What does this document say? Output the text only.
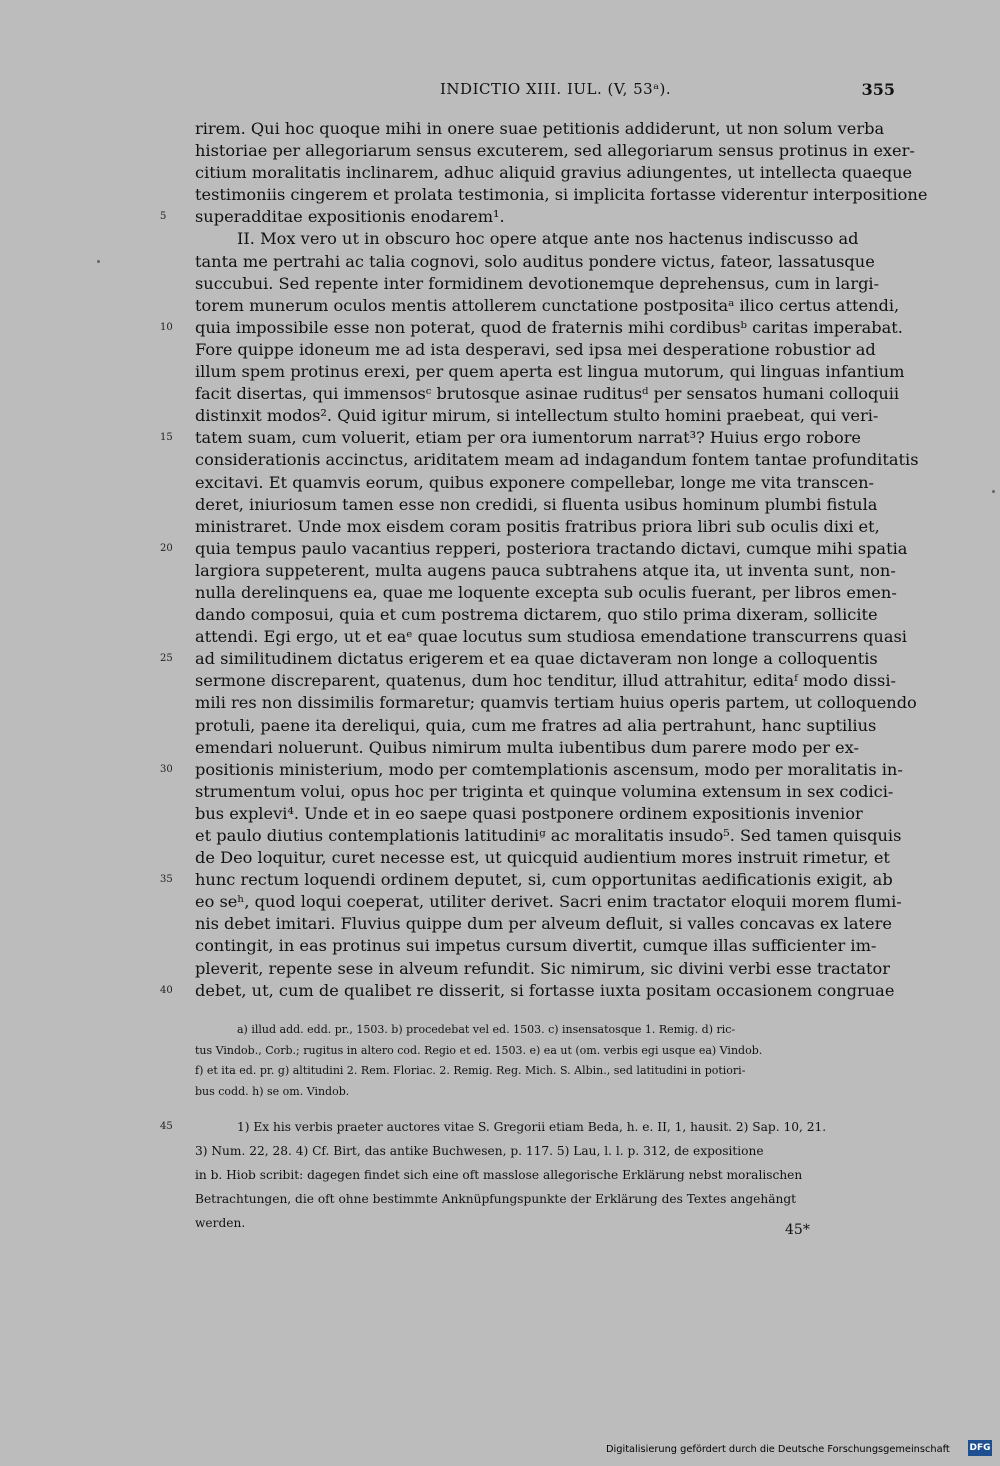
INDICTIO XIII. IUL. (V, 53ᵃ).	355
rirem. Qui hoc quoque mihi in onere suae petitionis addiderunt, ut non solum verba
historiae per allegoriarum sensus excuterem, sed allegoriarum sensus protinus in exer-
citium moralitatis inclinarem, adhuc aliquid gravius adiungentes, ut intellecta quaeque
testimoniis cingerem et prolata testimonia, si implicita fortasse viderentur interpositione
5	superadditae expositionis enodarem¹.
II. Mox vero ut in obscuro hoc opere atque ante nos hactenus indiscusso ad
tanta me pertrahi ac talia cognovi, solo auditus pondere victus, fateor, lassatusque
succubui. Sed repente inter formidinem devotionemque deprehensus, cum in largi-
torem munerum oculos mentis attollerem cunctatione postpositaᵃ ilico certus attendi,
10	quia impossibile esse non poterat, quod de fraternis mihi cordibusᵇ caritas imperabat.
Fore quippe idoneum me ad ista desperavi, sed ipsa mei desperatione robustior ad
illum spem protinus erexi, per quem aperta est lingua mutorum, qui linguas infantium
facit disertas, qui immensosᶜ brutosque asinae ruditusᵈ per sensatos humani colloquii
distinxit modos². Quid igitur mirum, si intellectum stulto homini praebeat, qui veri-
15	tatem suam, cum voluerit, etiam per ora iumentorum narrat³? Huius ergo robore
considerationis accinctus, ariditatem meam ad indagandum fontem tantae profunditatis
excitavi. Et quamvis eorum, quibus exponere compellebar, longe me vita transcen-
deret, iniuriosum tamen esse non credidi, si fluenta usibus hominum plumbi fistula
ministraret. Unde mox eisdem coram positis fratribus priora libri sub oculis dixi et,
20	quia tempus paulo vacantius repperi, posteriora tractando dictavi, cumque mihi spatia
largiora suppeterent, multa augens pauca subtrahens atque ita, ut inventa sunt, non-
nulla derelinquens ea, quae me loquente excepta sub oculis fuerant, per libros emen-
dando composui, quia et cum postrema dictarem, quo stilo prima dixeram, sollicite
attendi. Egi ergo, ut et eaᵉ quae locutus sum studiosa emendatione transcurrens quasi
25	ad similitudinem dictatus erigerem et ea quae dictaveram non longe a colloquentis
sermone discreparent, quatenus, dum hoc tenditur, illud attrahitur, editaᶠ modo dissi-
mili res non dissimilis formaretur; quamvis tertiam huius operis partem, ut colloquendo
protuli, paene ita dereliqui, quia, cum me fratres ad alia pertrahunt, hanc suptilius
emendari noluerunt. Quibus nimirum multa iubentibus dum parere modo per ex-
30	positionis ministerium, modo per comtemplationis ascensum, modo per moralitatis in-
strumentum volui, opus hoc per triginta et quinque volumina extensum in sex codici-
bus explevi⁴. Unde et in eo saepe quasi postponere ordinem expositionis invenior
et paulo diutius contemplationis latitudiniᵍ ac moralitatis insudo⁵. Sed tamen quisquis
de Deo loquitur, curet necesse est, ut quicquid audientium mores instruit rimetur, et
35	hunc rectum loquendi ordinem deputet, si, cum opportunitas aedificationis exigit, ab
eo seʰ, quod loqui coeperat, utiliter derivet. Sacri enim tractator eloquii morem flumi-
nis debet imitari. Fluvius quippe dum per alveum defluit, si valles concavas ex latere
contingit, in eas protinus sui impetus cursum divertit, cumque illas sufficienter im-
pleverit, repente sese in alveum refundit. Sic nimirum, sic divini verbi esse tractator
40	debet, ut, cum de qualibet re disserit, si fortasse iuxta positam occasionem congruae
a) illud add. edd. pr., 1503. b) procedebat vel ed. 1503. c) insensatosque 1. Remig. d) ric-
tus Vindob., Corb.; rugitus in altero cod. Regio et ed. 1503. e) ea ut (om. verbis egi usque ea) Vindob.
f) et ita ed. pr. g) altitudini 2. Rem. Floriac. 2. Remig. Reg. Mich. S. Albin., sed latitudini in potiori-
bus codd. h) se om. Vindob.
45	1) Ex his verbis praeter auctores vitae S. Gregorii etiam Beda, h. e. II, 1, hausit. 2) Sap. 10, 21.
3) Num. 22, 28. 4) Cf. Birt, das antike Buchwesen, p. 117. 5) Lau, l. l. p. 312, de expositione
in b. Hiob scribit: dagegen findet sich eine oft masslose allegorische Erklärung nebst moralischen
Betrachtungen, die oft ohne bestimmte Anknüpfungspunkte der Erklärung des Textes angehängt
werden.	45*
Digitalisierung gefördert durch die Deutsche Forschungsgemeinschaft DFG
